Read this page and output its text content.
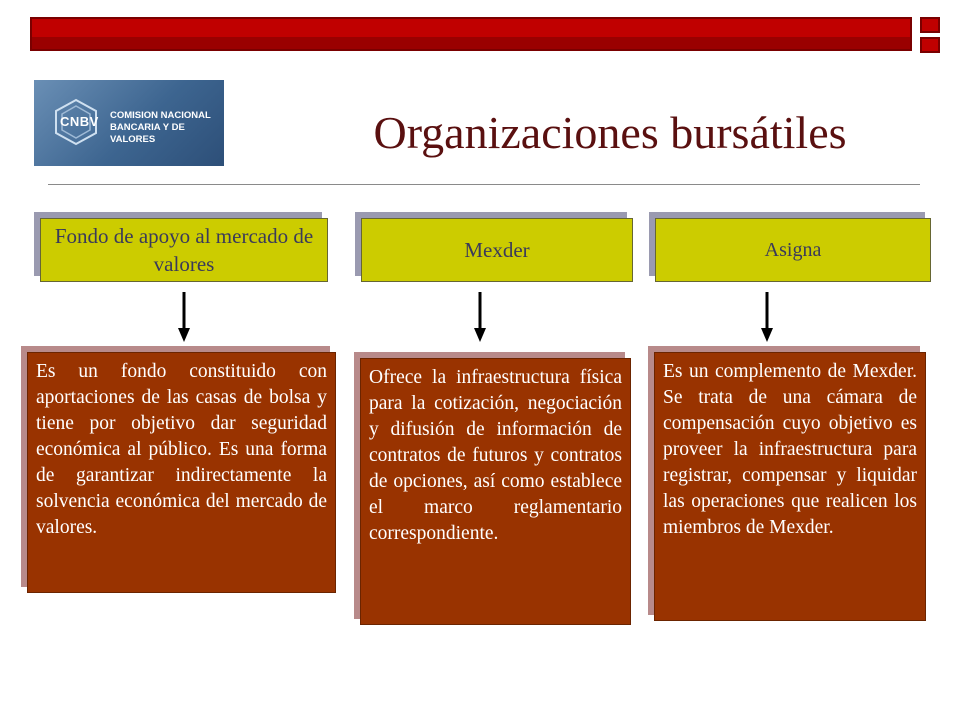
CNBV COMISION NACIONAL
BANCARIA Y DE VALORES	Organizaciones bursátiles
Fondo de apoyo al mercado de valores
Mexder	Asigna
Es un fondo constituido con aportaciones de las casas de bolsa y tiene por objetivo dar seguridad económica al público. Es una forma de garantizar indirectamente la solvencia económica del mercado de valores.
Ofrece la infraestructura física para la cotización, negociación y difusión de información de contratos de futuros y contratos de opciones, así como establece el marco reglamentario correspondiente.
Es un complemento de Mexder. Se trata de una cámara de compensación cuyo objetivo es proveer la infraestructura para registrar, compensar y liquidar las operaciones que realicen los miembros de Mexder.
